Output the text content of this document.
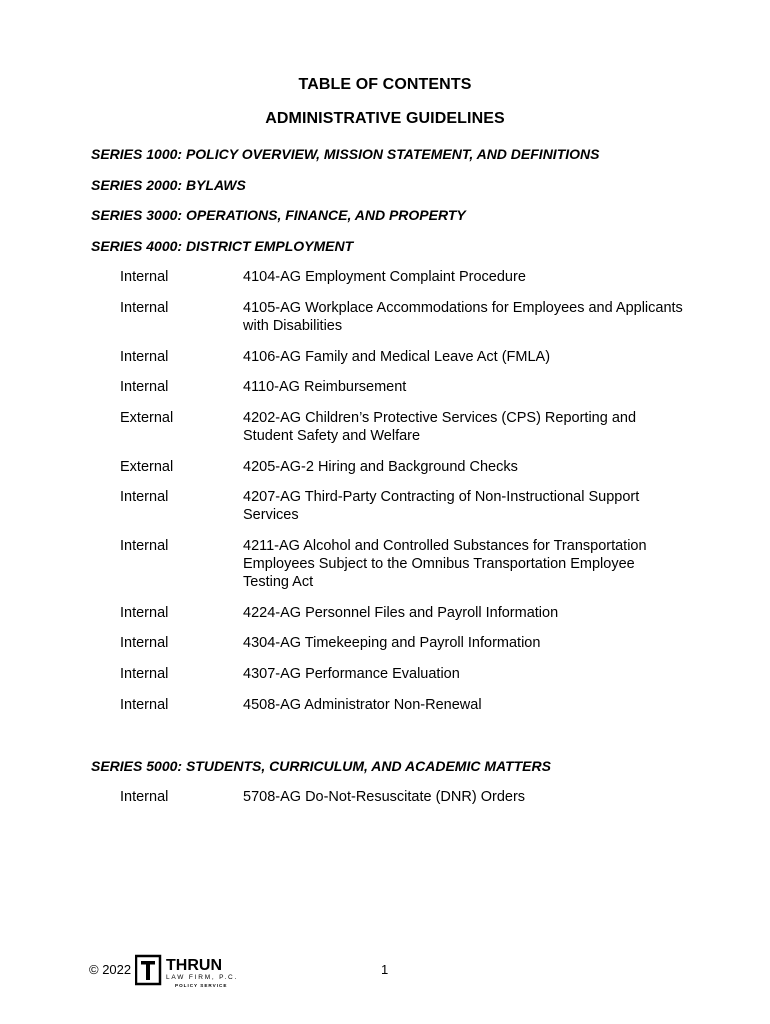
TABLE OF CONTENTS
ADMINISTRATIVE GUIDELINES
SERIES 1000: POLICY OVERVIEW, MISSION STATEMENT, AND DEFINITIONS
SERIES 2000: BYLAWS
SERIES 3000: OPERATIONS, FINANCE, AND PROPERTY
SERIES 4000: DISTRICT EMPLOYMENT
Internal	4104-AG Employment Complaint Procedure
Internal	4105-AG Workplace Accommodations for Employees and Applicants with Disabilities
Internal	4106-AG Family and Medical Leave Act (FMLA)
Internal	4110-AG Reimbursement
External	4202-AG Children’s Protective Services (CPS) Reporting and Student Safety and Welfare
External	4205-AG-2 Hiring and Background Checks
Internal	4207-AG Third-Party Contracting of Non-Instructional Support Services
Internal	4211-AG Alcohol and Controlled Substances for Transportation Employees Subject to the Omnibus Transportation Employee Testing Act
Internal	4224-AG Personnel Files and Payroll Information
Internal	4304-AG Timekeeping and Payroll Information
Internal	4307-AG Performance Evaluation
Internal	4508-AG Administrator Non-Renewal
SERIES 5000: STUDENTS, CURRICULUM, AND ACADEMIC MATTERS
Internal	5708-AG Do-Not-Resuscitate (DNR) Orders
© 2022 THRUN
LAW FIRM, P.C.
POLICY SERVICE
1
